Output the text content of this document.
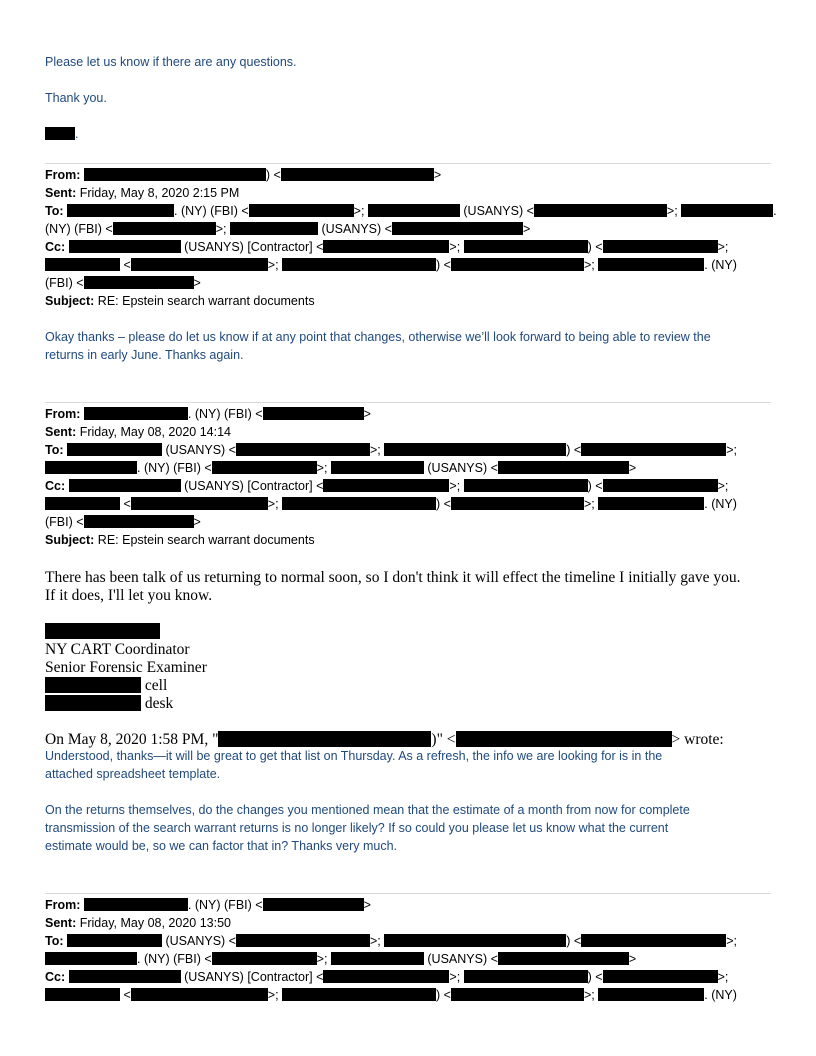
Please let us know if there are any questions.
Thank you.
.
From:	) <	>
Sent: Friday, May 8, 2020 2:15 PM
To:	. (NY) (FBI) <	>;	(USANYS) <	>;	.
(NY) (FBI) <	>;	(USANYS) <	>
Cc:	(USANYS) [Contractor] <	>;	) <	>;
<	>;	) <	>;	. (NY)
(FBI) <	>
Subject: RE: Epstein search warrant documents
Okay thanks – please do let us know if at any point that changes, otherwise we’ll look forward to being able to review the
returns in early June. Thanks again.
From:	. (NY) (FBI) <	>
Sent: Friday, May 08, 2020 14:14
To:	(USANYS) <	>;	) <	>;
. (NY) (FBI) <	>;	(USANYS) <	>
Cc:	(USANYS) [Contractor] <	>;	) <	>;
<	>;	) <	>;	. (NY)
(FBI) <	>
Subject: RE: Epstein search warrant documents
There has been talk of us returning to normal soon, so I don't think it will effect the timeline I initially gave you.
If it does, I'll let you know.
NY CART Coordinator
Senior Forensic Examiner
cell
desk
On May 8, 2020 1:58 PM, "	)" <	> wrote:
Understood, thanks—it will be great to get that list on Thursday. As a refresh, the info we are looking for is in the
attached spreadsheet template.
On the returns themselves, do the changes you mentioned mean that the estimate of a month from now for complete
transmission of the search warrant returns is no longer likely? If so could you please let us know what the current
estimate would be, so we can factor that in? Thanks very much.
From:	. (NY) (FBI) <	>
Sent: Friday, May 08, 2020 13:50
To:	(USANYS) <	>;	) <	>;
. (NY) (FBI) <	>;	(USANYS) <	>
Cc:	(USANYS) [Contractor] <	>;	) <	>;
<	>;	) <	>;	. (NY)
